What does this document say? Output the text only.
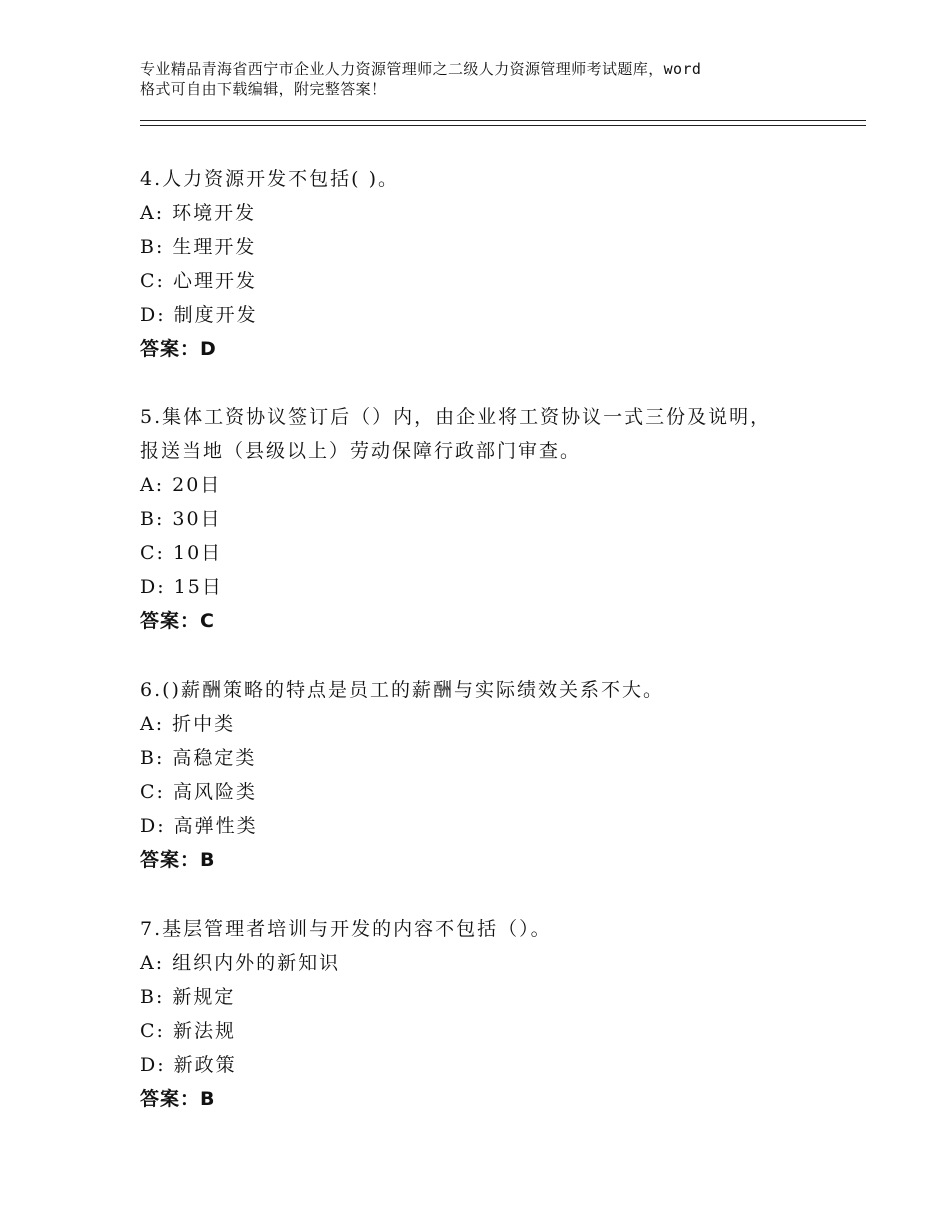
专业精品青海省西宁市企业人力资源管理师之二级人力资源管理师考试题库，word
格式可自由下载编辑，附完整答案！
4.人力资源开发不包括( )。
A: 环境开发
B: 生理开发
C: 心理开发
D: 制度开发
答案：D
5.集体工资协议签订后（）内，由企业将工资协议一式三份及说明，
报送当地（县级以上）劳动保障行政部门审查。
A: 20日
B: 30日
C: 10日
D: 15日
答案：C
6.()薪酬策略的特点是员工的薪酬与实际绩效关系不大。
A: 折中类
B: 高稳定类
C: 高风险类
D: 高弹性类
答案：B
7.基层管理者培训与开发的内容不包括（）。
A: 组织内外的新知识
B: 新规定
C: 新法规
D: 新政策
答案：B
